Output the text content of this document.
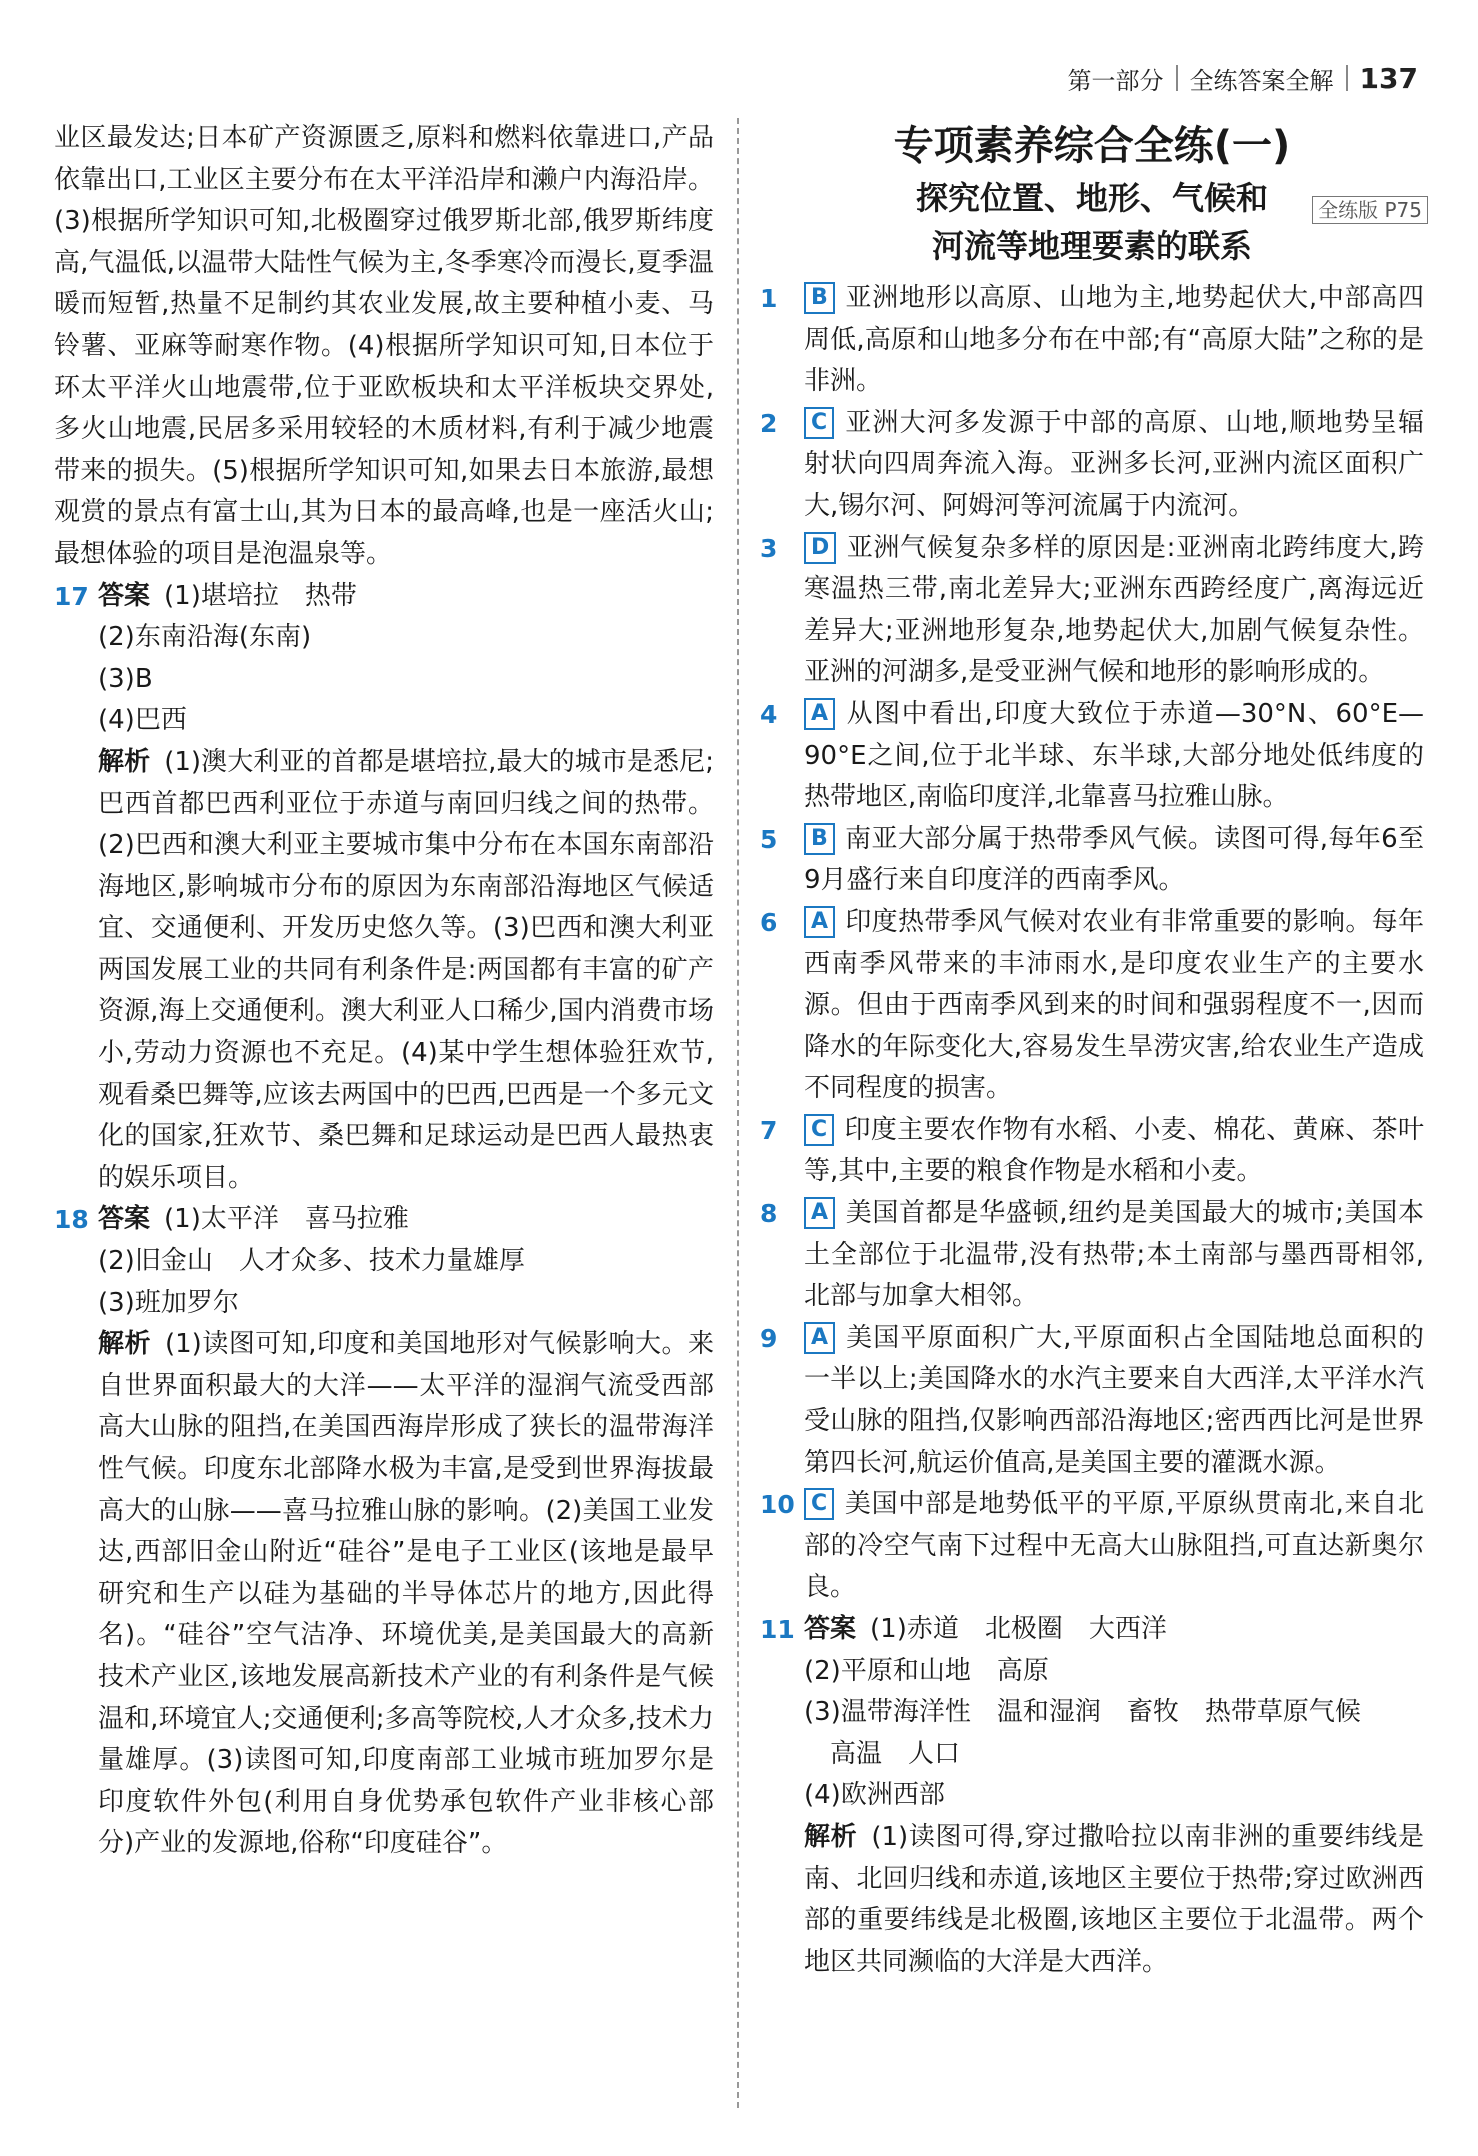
第一部分 全练答案全解 137

业区最发达;日本矿产资源匮乏,原料和燃料依靠进口,产品依靠出口,工业区主要分布在太平洋沿岸和濑户内海沿岸。(3)根据所学知识可知,北极圈穿过俄罗斯北部,俄罗斯纬度高,气温低,以温带大陆性气候为主,冬季寒冷而漫长,夏季温暖而短暂,热量不足制约其农业发展,故主要种植小麦、马铃薯、亚麻等耐寒作物。(4)根据所学知识可知,日本位于环太平洋火山地震带,位于亚欧板块和太平洋板块交界处,多火山地震,民居多采用较轻的木质材料,有利于减少地震带来的损失。(5)根据所学知识可知,如果去日本旅游,最想观赏的景点有富士山,其为日本的最高峰,也是一座活火山;最想体验的项目是泡温泉等。

17 答案 (1)堪培拉 热带

(2)东南沿海(东南)

(3)B

(4)巴西

解析 (1)澳大利亚的首都是堪培拉,最大的城市是悉尼;巴西首都巴西利亚位于赤道与南回归线之间的热带。(2)巴西和澳大利亚主要城市集中分布在本国东南部沿海地区,影响城市分布的原因为东南部沿海地区气候适宜、交通便利、开发历史悠久等。(3)巴西和澳大利亚两国发展工业的共同有利条件是:两国都有丰富的矿产资源,海上交通便利。澳大利亚人口稀少,国内消费市场小,劳动力资源也不充足。(4)某中学生想体验狂欢节,观看桑巴舞等,应该去两国中的巴西,巴西是一个多元文化的国家,狂欢节、桑巴舞和足球运动是巴西人最热衷的娱乐项目。

18 答案 (1)太平洋 喜马拉雅

(2)旧金山 人才众多、技术力量雄厚

(3)班加罗尔

解析 (1)读图可知,印度和美国地形对气候影响大。来自世界面积最大的大洋——太平洋的湿润气流受西部高大山脉的阻挡,在美国西海岸形成了狭长的温带海洋性气候。印度东北部降水极为丰富,是受到世界海拔最高大的山脉——喜马拉雅山脉的影响。(2)美国工业发达,西部旧金山附近“硅谷”是电子工业区(该地是最早研究和生产以硅为基础的半导体芯片的地方,因此得名)。“硅谷”空气洁净、环境优美,是美国最大的高新技术产业区,该地发展高新技术产业的有利条件是气候温和,环境宜人;交通便利;多高等院校,人才众多,技术力量雄厚。(3)读图可知,印度南部工业城市班加罗尔是印度软件外包(利用自身优势承包软件产业非核心部分)产业的发源地,俗称“印度硅谷”。

专项素养综合全练(一)

探究位置、地形、气候和	全练版 P75

河流等地理要素的联系

1 B 亚洲地形以高原、山地为主,地势起伏大,中部高四周低,高原和山地多分布在中部;有“高原大陆”之称的是非洲。

2 C 亚洲大河多发源于中部的高原、山地,顺地势呈辐射状向四周奔流入海。亚洲多长河,亚洲内流区面积广大,锡尔河、阿姆河等河流属于内流河。

3 D 亚洲气候复杂多样的原因是:亚洲南北跨纬度大,跨寒温热三带,南北差异大;亚洲东西跨经度广,离海远近差异大;亚洲地形复杂,地势起伏大,加剧气候复杂性。亚洲的河湖多,是受亚洲气候和地形的影响形成的。

4 A 从图中看出,印度大致位于赤道—30°N、60°E—90°E之间,位于北半球、东半球,大部分地处低纬度的热带地区,南临印度洋,北靠喜马拉雅山脉。

5 B 南亚大部分属于热带季风气候。读图可得,每年6至9月盛行来自印度洋的西南季风。

6 A 印度热带季风气候对农业有非常重要的影响。每年西南季风带来的丰沛雨水,是印度农业生产的主要水源。但由于西南季风到来的时间和强弱程度不一,因而降水的年际变化大,容易发生旱涝灾害,给农业生产造成不同程度的损害。

7 C 印度主要农作物有水稻、小麦、棉花、黄麻、茶叶等,其中,主要的粮食作物是水稻和小麦。

8 A 美国首都是华盛顿,纽约是美国最大的城市;美国本土全部位于北温带,没有热带;本土南部与墨西哥相邻,北部与加拿大相邻。

9 A 美国平原面积广大,平原面积占全国陆地总面积的一半以上;美国降水的水汽主要来自大西洋,太平洋水汽受山脉的阻挡,仅影响西部沿海地区;密西西比河是世界第四长河,航运价值高,是美国主要的灌溉水源。

10 C 美国中部是地势低平的平原,平原纵贯南北,来自北部的冷空气南下过程中无高大山脉阻挡,可直达新奥尔良。

11 答案 (1)赤道 北极圈 大西洋

(2)平原和山地 高原

(3)温带海洋性 温和湿润 畜牧 热带草原气候

高温 人口

(4)欧洲西部

解析 (1)读图可得,穿过撒哈拉以南非洲的重要纬线是南、北回归线和赤道,该地区主要位于热带;穿过欧洲西部的重要纬线是北极圈,该地区主要位于北温带。两个地区共同濒临的大洋是大西洋。
